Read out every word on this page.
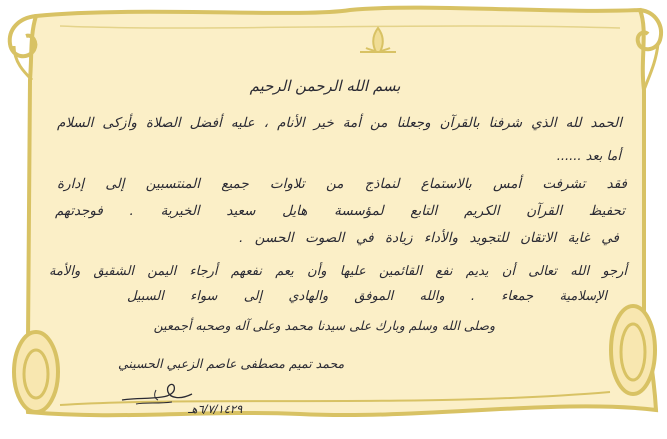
بسم الله الرحمن الرحيم

الحمد لله الذي شرفنا بالقرآن وجعلنا من أمة خير الأنام ، عليه أفضل الصلاة وأزكى السلام

أما بعد ......

فقد تشرفت أمس بالاستماع لنماذج من تلاوات جميع المنتسبين إلى إدارة

تحفيظ القرآن الكريم التابع لمؤسسة هايل سعيد الخيرية . فوجدتهم

في غاية الاتقان للتجويد والأداء زيادة في الصوت الحسن .

أرجو الله تعالى أن يديم نفع القائمين عليها وأن يعم نفعهم أرجاء اليمن الشقيق والأمة

الإسلامية جمعاء . والله الموفق والهادي إلى سواء السبيل

وصلى الله وسلم وبارك على سيدنا محمد وعلى آله وصحبه أجمعين

محمد تميم مصطفى عاصم الزعبي الحسيني

٦/٧/١٤٢٩هـ
